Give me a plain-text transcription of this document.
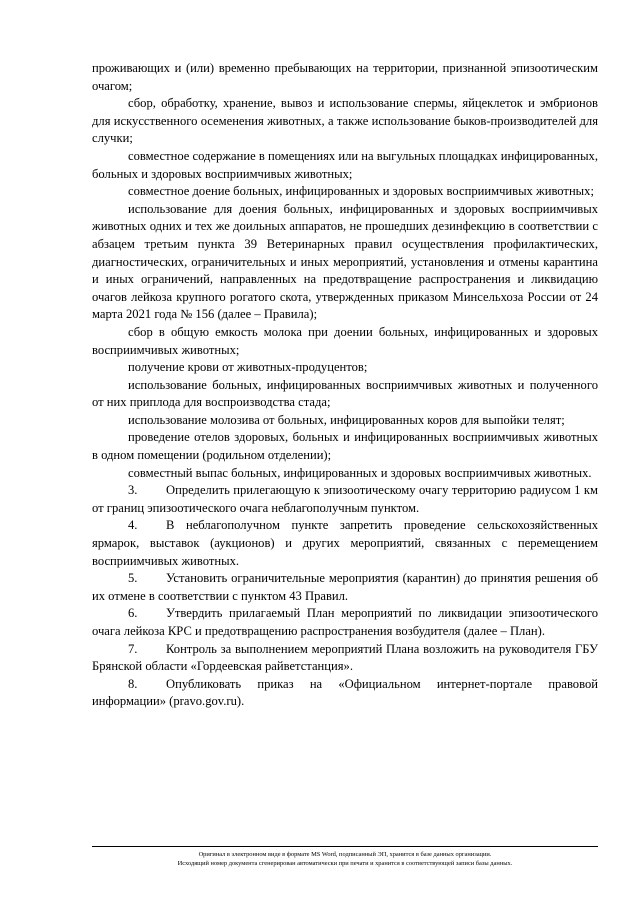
проживающих и (или) временно пребывающих на территории, признанной эпизоотическим очагом;

сбор, обработку, хранение, вывоз и использование спермы, яйцеклеток и эмбрионов для искусственного осеменения животных, а также использование быков-производителей для случки;

совместное содержание в помещениях или на выгульных площадках инфицированных, больных и здоровых восприимчивых животных;

совместное доение больных, инфицированных и здоровых восприимчивых животных;

использование для доения больных, инфицированных и здоровых восприимчивых животных одних и тех же доильных аппаратов, не прошедших дезинфекцию в соответствии с абзацем третьим пункта 39 Ветеринарных правил осуществления профилактических, диагностических, ограничительных и иных мероприятий, установления и отмены карантина и иных ограничений, направленных на предотвращение распространения и ликвидацию очагов лейкоза крупного рогатого скота, утвержденных приказом Минсельхоза России от 24 марта 2021 года № 156 (далее – Правила);

сбор в общую емкость молока при доении больных, инфицированных и здоровых восприимчивых животных;

получение крови от животных-продуцентов;

использование больных, инфицированных восприимчивых животных и полученного от них приплода для воспроизводства стада;

использование молозива от больных, инфицированных коров для выпойки телят;

проведение отелов здоровых, больных и инфицированных восприимчивых животных в одном помещении (родильном отделении);

совместный выпас больных, инфицированных и здоровых восприимчивых животных.

3. Определить прилегающую к эпизоотическому очагу территорию радиусом 1 км от границ эпизоотического очага неблагополучным пунктом.

4. В неблагополучном пункте запретить проведение сельскохозяйственных ярмарок, выставок (аукционов) и других мероприятий, связанных с перемещением восприимчивых животных.

5. Установить ограничительные мероприятия (карантин) до принятия решения об их отмене в соответствии с пунктом 43 Правил.

6. Утвердить прилагаемый План мероприятий по ликвидации эпизоотического очага лейкоза КРС и предотвращению распространения возбудителя (далее – План).

7. Контроль за выполнением мероприятий Плана возложить на руководителя ГБУ Брянской области «Гордеевская райветстанция».

8. Опубликовать приказ на «Официальном интернет-портале правовой информации» (pravo.gov.ru).

Оригинал в электронном виде в формате MS Word, подписанный ЭП, хранится в базе данных организации.
Исходящий номер документа сгенерирован автоматически при печати и хранится в соответствующей записи базы данных.
